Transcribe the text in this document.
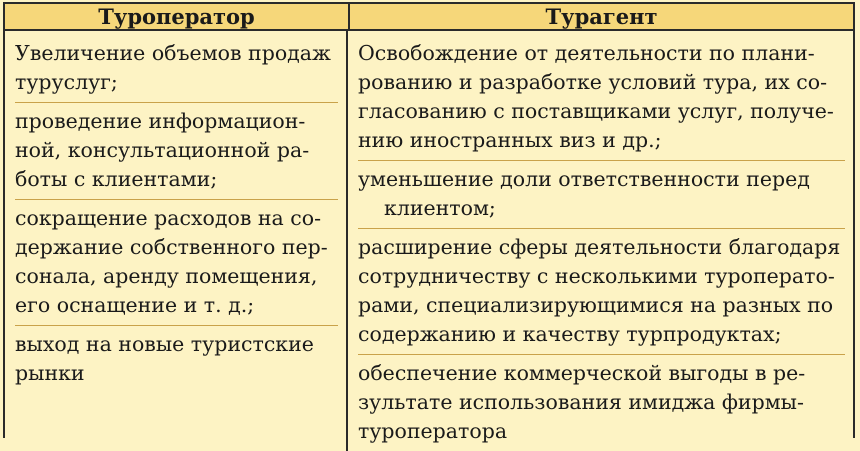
Туроператор	Турагент
Увеличение объемов продаж
туруслуг;
проведение информацион-
ной, консультационной ра-
боты с клиентами;
сокращение расходов на со-
держание собственного пер-
сонала, аренду помещения,
его оснащение и т. д.;
выход на новые туристские
рынки
Освобождение от деятельности по плани-
рованию и разработке условий тура, их со-
гласованию с поставщиками услуг, получе-
нию иностранных виз и др.;
уменьшение доли ответственности перед
клиентом;
расширение сферы деятельности благодаря
сотрудничеству с несколькими туроперато-
рами, специализирующимися на разных по
содержанию и качеству турпродуктах;
обеспечение коммерческой выгоды в ре-
зультате использования имиджа фирмы-
туроператора
